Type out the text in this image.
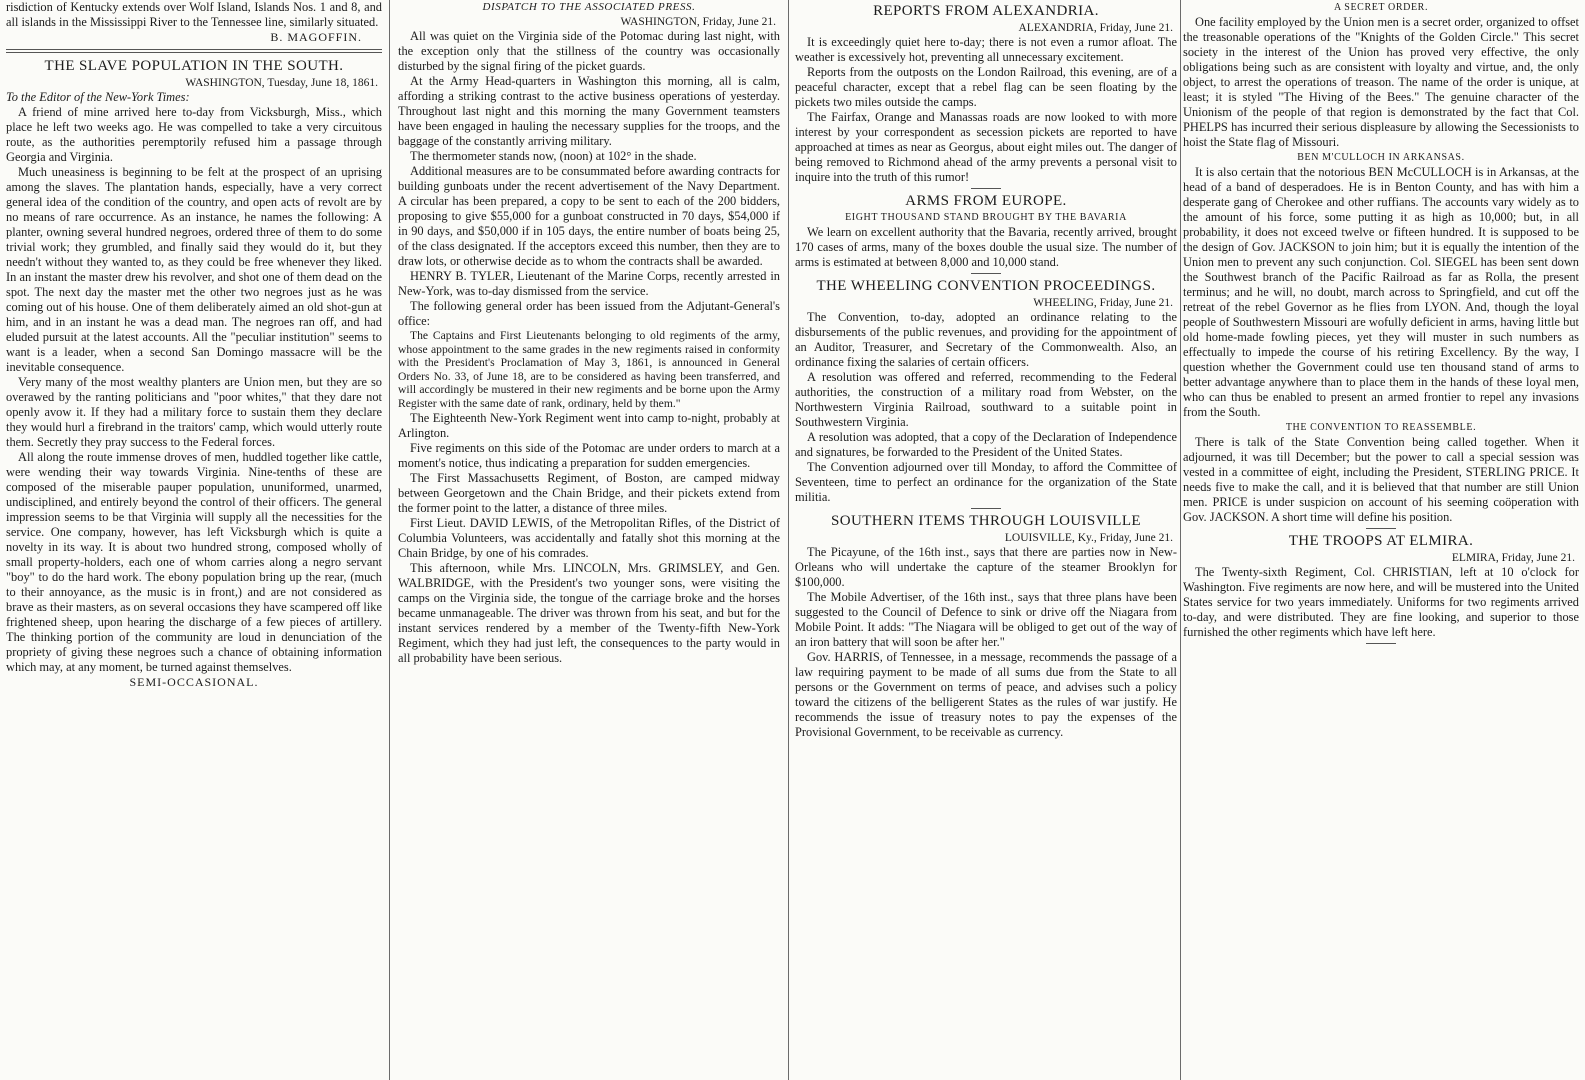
risdiction of Kentucky extends over Wolf Island, Islands Nos. 1 and 8, and all islands in the Mississippi River to the Tennessee line, similarly situated.

B. MAGOFFIN.
THE SLAVE POPULATION IN THE SOUTH.
WASHINGTON, Tuesday, June 18, 1861.

To the Editor of the New-York Times:

A friend of mine arrived here to-day from Vicksburgh, Miss., which place he left two weeks ago. He was compelled to take a very circuitous route, as the authorities peremptorily refused him a passage through Georgia and Virginia.

Much uneasiness is beginning to be felt at the prospect of an uprising among the slaves. The plantation hands, especially, have a very correct general idea of the condition of the country, and open acts of revolt are by no means of rare occurrence. As an instance, he names the following: A planter, owning several hundred negroes, ordered three of them to do some trivial work; they grumbled, and finally said they would do it, but they needn't without they wanted to, as they could be free whenever they liked. In an instant the master drew his revolver, and shot one of them dead on the spot. The next day the master met the other two negroes just as he was coming out of his house. One of them deliberately aimed an old shot-gun at him, and in an instant he was a dead man. The negroes ran off, and had eluded pursuit at the latest accounts. All the "peculiar institution" seems to want is a leader, when a second San Domingo massacre will be the inevitable consequence.

Very many of the most wealthy planters are Union men, but they are so overawed by the ranting politicians and "poor whites," that they dare not openly avow it. If they had a military force to sustain them they declare they would hurl a firebrand in the traitors' camp, which would utterly route them. Secretly they pray success to the Federal forces.

All along the route immense droves of men, huddled together like cattle, were wending their way towards Virginia. Nine-tenths of these are composed of the miserable pauper population, ununiformed, unarmed, undisciplined, and entirely beyond the control of their officers. The general impression seems to be that Virginia will supply all the necessities for the service. One company, however, has left Vicksburgh which is quite a novelty in its way. It is about two hundred strong, composed wholly of small property-holders, each one of whom carries along a negro servant "boy" to do the hard work. The ebony population bring up the rear, (much to their annoyance, as the music is in front,) and are not considered as brave as their masters, as on several occasions they have scampered off like frightened sheep, upon hearing the discharge of a few pieces of artillery. The thinking portion of the community are loud in denunciation of the propriety of giving these negroes such a chance of obtaining information which may, at any moment, be turned against themselves.

SEMI-OCCASIONAL.
DISPATCH TO THE ASSOCIATED PRESS.
WASHINGTON, Friday, June 21.

All was quiet on the Virginia side of the Potomac during last night, with the exception only that the stillness of the country was occasionally disturbed by the signal firing of the picket guards.

At the Army Head-quarters in Washington this morning, all is calm, affording a striking contrast to the active business operations of yesterday. Throughout last night and this morning the many Government teamsters have been engaged in hauling the necessary supplies for the troops, and the baggage of the constantly arriving military.

The thermometer stands now, (noon) at 102° in the shade.

Additional measures are to be consummated before awarding contracts for building gunboats under the recent advertisement of the Navy Department. A circular has been prepared, a copy to be sent to each of the 200 bidders, proposing to give $55,000 for a gunboat constructed in 70 days, $54,000 if in 90 days, and $50,000 if in 105 days, the entire number of boats being 25, of the class designated. If the acceptors exceed this number, then they are to draw lots, or otherwise decide as to whom the contracts shall be awarded.

HENRY B. TYLER, Lieutenant of the Marine Corps, recently arrested in New-York, was to-day dismissed from the service.

The following general order has been issued from the Adjutant-General's office:

The Captains and First Lieutenants belonging to old regiments of the army, whose appointment to the same grades in the new regiments raised in conformity with the President's Proclamation of May 3, 1861, is announced in General Orders No. 33, of June 18, are to be considered as having been transferred, and will accordingly be mustered in their new regiments and be borne upon the Army Register with the same date of rank, ordinary, held by them."

The Eighteenth New-York Regiment went into camp to-night, probably at Arlington.

Five regiments on this side of the Potomac are under orders to march at a moment's notice, thus indicating a preparation for sudden emergencies.

The First Massachusetts Regiment, of Boston, are camped midway between Georgetown and the Chain Bridge, and their pickets extend from the former point to the latter, a distance of three miles.

First Lieut. DAVID LEWIS, of the Metropolitan Rifles, of the District of Columbia Volunteers, was accidentally and fatally shot this morning at the Chain Bridge, by one of his comrades.

This afternoon, while Mrs. LINCOLN, Mrs. GRIMSLEY, and Gen. WALBRIDGE, with the President's two younger sons, were visiting the camps on the Virginia side, the tongue of the carriage broke and the horses became unmanageable. The driver was thrown from his seat, and but for the instant services rendered by a member of the Twenty-fifth New-York Regiment, which they had just left, the consequences to the party would in all probability have been serious.

REPORTS FROM ALEXANDRIA.
ALEXANDRIA, Friday, June 21.

It is exceedingly quiet here to-day; there is not even a rumor afloat. The weather is excessively hot, preventing all unnecessary excitement.

Reports from the outposts on the London Railroad, this evening, are of a peaceful character, except that a rebel flag can be seen floating by the pickets two miles outside the camps.

The Fairfax, Orange and Manassas roads are now looked to with more interest by your correspondent as secession pickets are reported to have approached at times as near as Georgus, about eight miles out. The danger of being removed to Richmond ahead of the army prevents a personal visit to inquire into the truth of this rumor!

ARMS FROM EUROPE.
EIGHT THOUSAND STAND BROUGHT BY THE BAVARIA

We learn on excellent authority that the Bavaria, recently arrived, brought 170 cases of arms, many of the boxes double the usual size. The number of arms is estimated at between 8,000 and 10,000 stand.

THE WHEELING CONVENTION PROCEEDINGS.
WHEELING, Friday, June 21.

The Convention, to-day, adopted an ordinance relating to the disbursements of the public revenues, and providing for the appointment of an Auditor, Treasurer, and Secretary of the Commonwealth. Also, an ordinance fixing the salaries of certain officers.

A resolution was offered and referred, recommending to the Federal authorities, the construction of a military road from Webster, on the Northwestern Virginia Railroad, southward to a suitable point in Southwestern Virginia.

A resolution was adopted, that a copy of the Declaration of Independence and signatures, be forwarded to the President of the United States.

The Convention adjourned over till Monday, to afford the Committee of Seventeen, time to perfect an ordinance for the organization of the State militia.

SOUTHERN ITEMS THROUGH LOUISVILLE
LOUISVILLE, Ky., Friday, June 21.

The Picayune, of the 16th inst., says that there are parties now in New-Orleans who will undertake the capture of the steamer Brooklyn for $100,000.

The Mobile Advertiser, of the 16th inst., says that three plans have been suggested to the Council of Defence to sink or drive off the Niagara from Mobile Point. It adds: "The Niagara will be obliged to get out of the way of an iron battery that will soon be after her."

Gov. HARRIS, of Tennessee, in a message, recommends the passage of a law requiring payment to be made of all sums due from the State to all persons or the Government on terms of peace, and advises such a policy toward the citizens of the belligerent States as the rules of war justify. He recommends the issue of treasury notes to pay the expenses of the Provisional Government, to be receivable as currency.

A SECRET ORDER.

One facility employed by the Union men is a secret order, organized to offset the treasonable operations of the "Knights of the Golden Circle." This secret society in the interest of the Union has proved very effective, the only obligations being such as are consistent with loyalty and virtue, and, the only object, to arrest the operations of treason. The name of the order is unique, at least; it is styled "The Hiving of the Bees." The genuine character of the Unionism of the people of that region is demonstrated by the fact that Col. PHELPS has incurred their serious displeasure by allowing the Secessionists to hoist the State flag of Missouri.

BEN M'CULLOCH IN ARKANSAS.

It is also certain that the notorious BEN McCULLOCH is in Arkansas, at the head of a band of desperadoes. He is in Benton County, and has with him a desperate gang of Cherokee and other ruffians. The accounts vary widely as to the amount of his force, some putting it as high as 10,000; but, in all probability, it does not exceed twelve or fifteen hundred. It is supposed to be the design of Gov. JACKSON to join him; but it is equally the intention of the Union men to prevent any such conjunction. Col. SIEGEL has been sent down the Southwest branch of the Pacific Railroad as far as Rolla, the present terminus; and he will, no doubt, march across to Springfield, and cut off the retreat of the rebel Governor as he flies from LYON. And, though the loyal people of Southwestern Missouri are wofully deficient in arms, having little but old home-made fowling pieces, yet they will muster in such numbers as effectually to impede the course of his retiring Excellency. By the way, I question whether the Government could use ten thousand stand of arms to better advantage anywhere than to place them in the hands of these loyal men, who can thus be enabled to present an armed frontier to repel any invasions from the South.

THE CONVENTION TO REASSEMBLE.

There is talk of the State Convention being called together. When it adjourned, it was till December; but the power to call a special session was vested in a committee of eight, including the President, STERLING PRICE. It needs five to make the call, and it is believed that that number are still Union men. PRICE is under suspicion on account of his seeming coöperation with Gov. JACKSON. A short time will define his position.

THE TROOPS AT ELMIRA.
ELMIRA, Friday, June 21.

The Twenty-sixth Regiment, Col. CHRISTIAN, left at 10 o'clock for Washington. Five regiments are now here, and will be mustered into the United States service for two years immediately. Uniforms for two regiments arrived to-day, and were distributed. They are fine looking, and superior to those furnished the other regiments which have left here.
